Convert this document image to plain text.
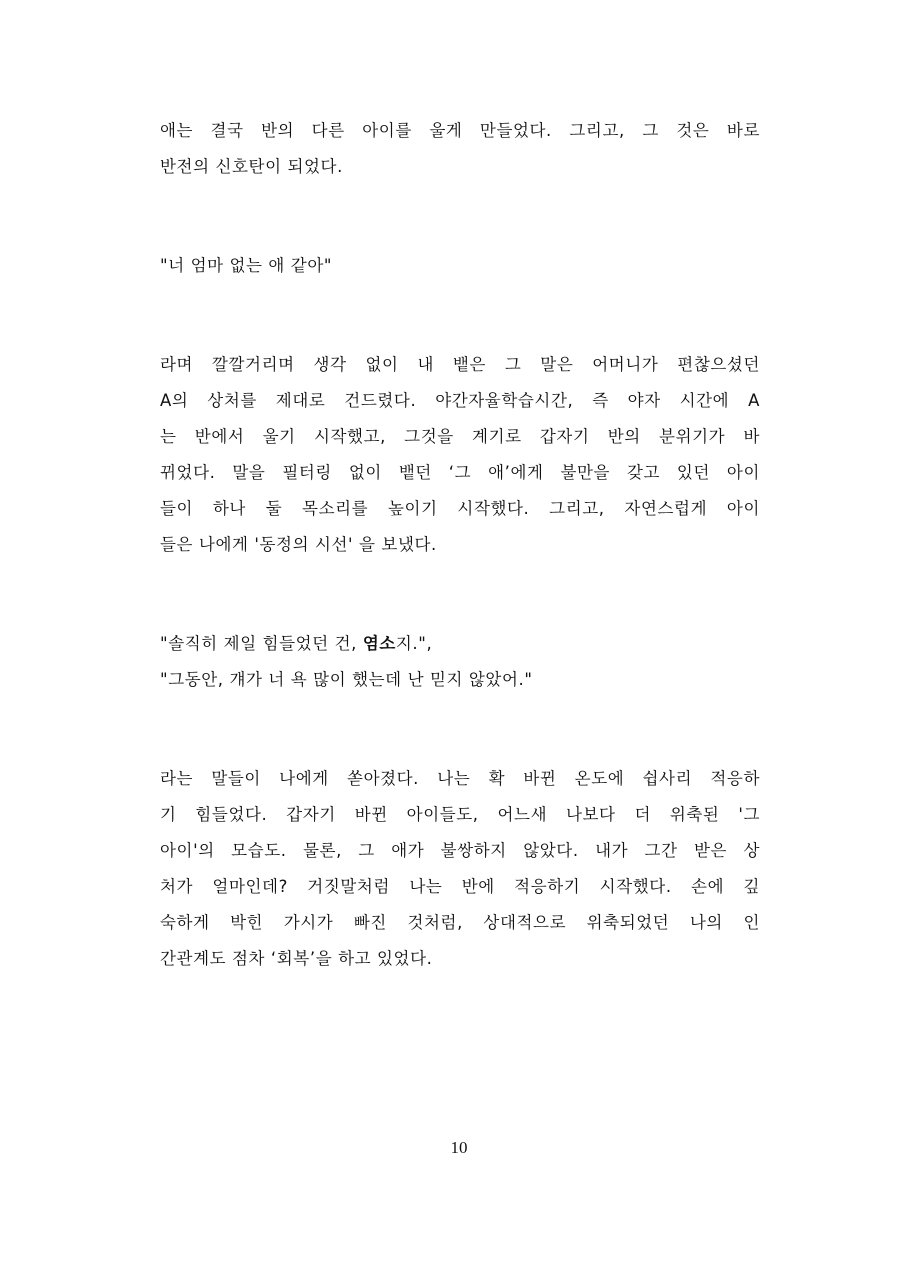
애는 결국 반의 다른 아이를 울게 만들었다. 그리고, 그 것은 바로
반전의 신호탄이 되었다.
"너 엄마 없는 애 같아"
라며 깔깔거리며 생각 없이 내 뱉은 그 말은 어머니가 편찮으셨던
A의 상처를 제대로 건드렸다. 야간자율학습시간, 즉 야자 시간에 A
는 반에서 울기 시작했고, 그것을 계기로 갑자기 반의 분위기가 바
뀌었다. 말을 필터링 없이 뱉던 ‘그 애’에게 불만을 갖고 있던 아이
들이 하나 둘 목소리를 높이기 시작했다. 그리고, 자연스럽게 아이
들은 나에게 '동정의 시선' 을 보냈다.
"솔직히 제일 힘들었던 건, 염소지.",
"그동안, 걔가 너 욕 많이 했는데 난 믿지 않았어."
라는 말들이 나에게 쏟아졌다. 나는 확 바뀐 온도에 쉽사리 적응하
기 힘들었다. 갑자기 바뀐 아이들도, 어느새 나보다 더 위축된 '그
아이'의 모습도. 물론, 그 애가 불쌍하지 않았다. 내가 그간 받은 상
처가 얼마인데? 거짓말처럼 나는 반에 적응하기 시작했다. 손에 깊
숙하게 박힌 가시가 빠진 것처럼, 상대적으로 위축되었던 나의 인
간관계도 점차 ‘회복’을 하고 있었다.
10
